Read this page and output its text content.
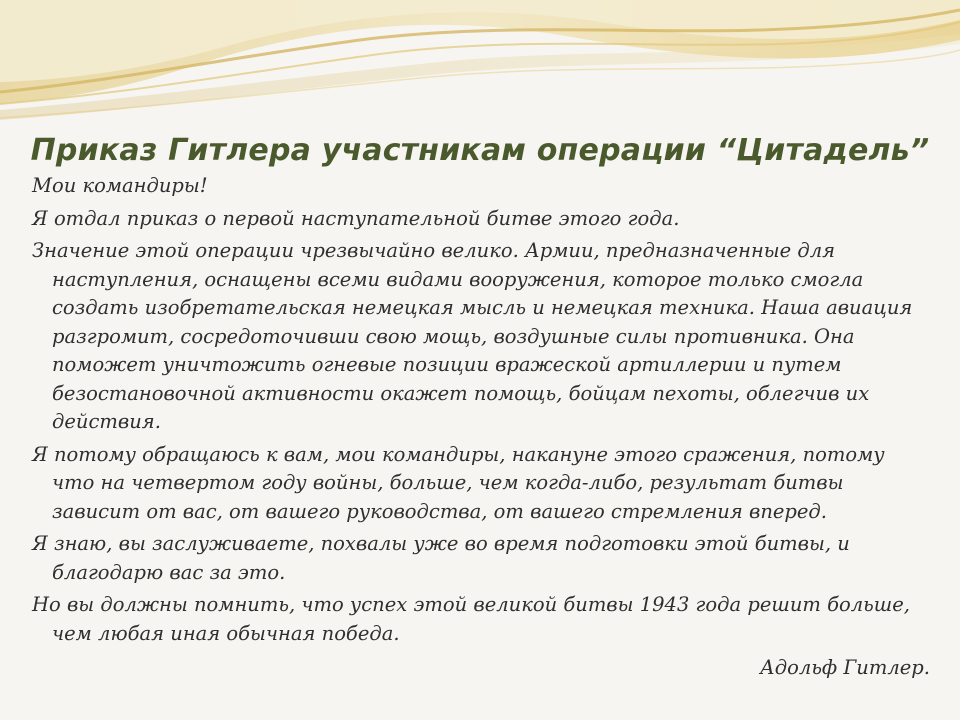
Приказ Гитлера участникам операции “Цитадель”

Мои командиры!

Я отдал приказ о первой наступательной битве этого года.

Значение этой операции чрезвычайно велико. Армии, предназначенные для наступления, оснащены всеми видами вооружения, которое только смогла создать изобретательская немецкая мысль и немецкая техника. Наша авиация разгромит, сосредоточивши свою мощь, воздушные силы противника. Она поможет уничтожить огневые позиции вражеской артиллерии и путем безостановочной активности окажет помощь, бойцам пехоты, облегчив их действия.

Я потому обращаюсь к вам, мои командиры, накануне этого сражения, потому что на четвертом году войны, больше, чем когда-либо, результат битвы зависит от вас, от вашего руководства, от вашего стремления вперед.

Я знаю, вы заслуживаете, похвалы уже во время подготовки этой битвы, и благодарю вас за это.

Но вы должны помнить, что успех этой великой битвы 1943 года решит больше, чем любая иная обычная победа.

Адольф Гитлер.
